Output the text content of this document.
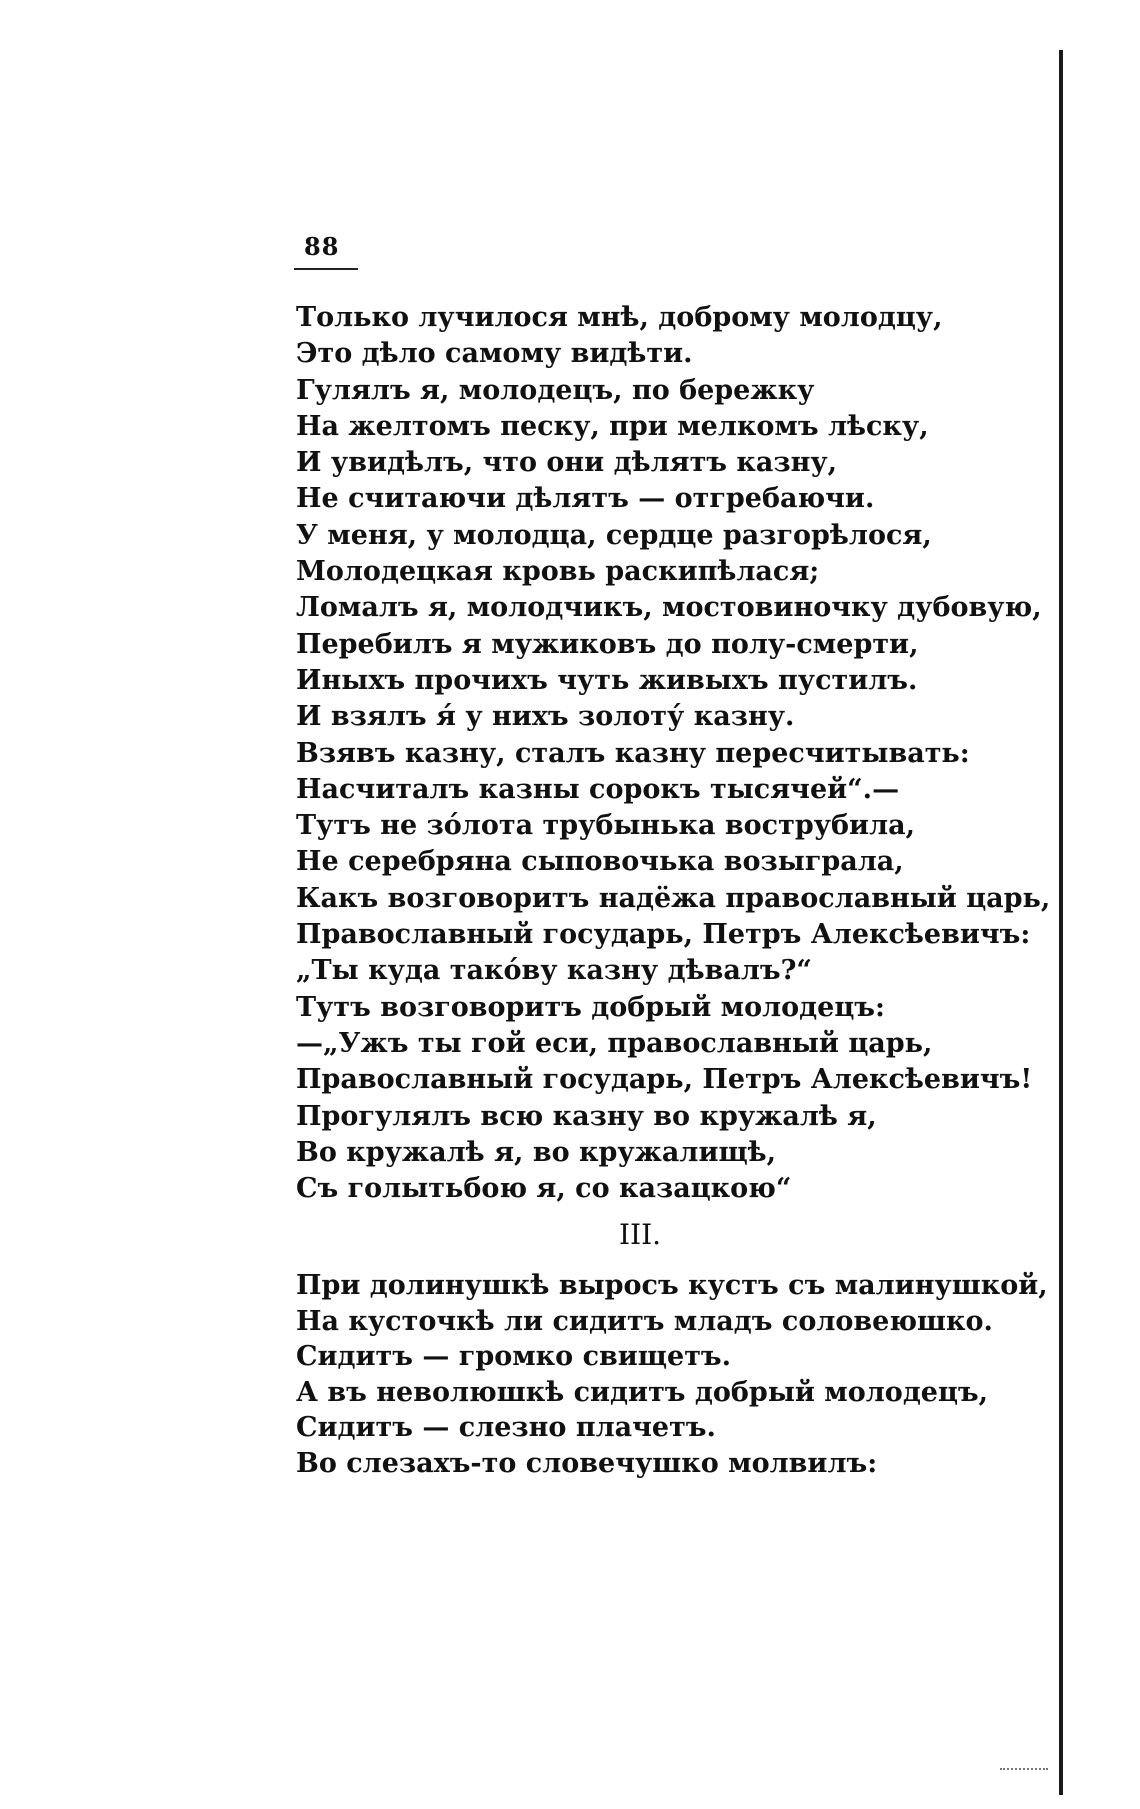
88
Только лучилося мнѣ, доброму молодцу,
Это дѣло самому видѣти.
Гулялъ я, молодецъ, по бережку
На желтомъ песку, при мелкомъ лѣску,
И увидѣлъ, что они дѣлятъ казну,
Не считаючи дѣлятъ — отгребаючи.
У меня, у молодца, сердце разгорѣлося,
Молодецкая кровь раскипѣлася;
Ломалъ я, молодчикъ, мостовиночку дубовую,
Перебилъ я мужиковъ до полу-смерти,
Иныхъ прочихъ чуть живыхъ пустилъ.
И взялъ я́ у нихъ золоту́ казну.
Взявъ казну, сталъ казну пересчитывать:
Насчиталъ казны сорокъ тысячей“.—
Тутъ не зо́лота трубынька вострубила,
Не серебряна сыповочька возыграла,
Какъ возговоритъ надёжа православный царь,
Православный государь, Петръ Алексѣевичъ:
„Ты куда тако́ву казну дѣвалъ?“
Тутъ возговоритъ добрый молодецъ:
—„Ужъ ты гой еси, православный царь,
Православный государь, Петръ Алексѣевичъ!
Прогулялъ всю казну во кружалѣ я,
Во кружалѣ я, во кружалищѣ,
Съ голытьбою я, со казацкою“
III.
При долинушкѣ выросъ кустъ съ малинушкой,
На кусточкѣ ли сидитъ младъ соловеюшко.
Сидитъ — громко свищетъ.
А въ неволюшкѣ сидитъ добрый молодецъ,
Сидитъ — слезно плачетъ.
Во слезахъ-то словечушко молвилъ:
